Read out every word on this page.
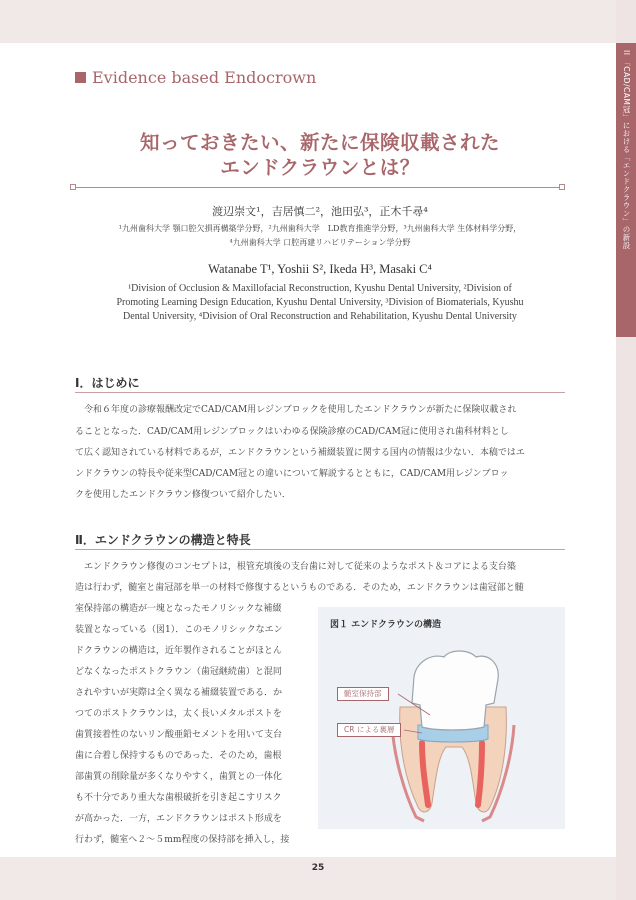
II 「CAD/CAM冠」における「エンドクラウン」の新設
Evidence based Endocrown
知っておきたい、新たに保険収載された
エンドクラウンとは？
渡辺崇文¹，吉居慎二²，池田弘³，正木千尋⁴
¹九州歯科大学 顎口腔欠損再構築学分野，²九州歯科大学　LD教育推進学分野，³九州歯科大学 生体材料学分野，
⁴九州歯科大学 口腔再建リハビリテーション学分野
Watanabe T¹, Yoshii S², Ikeda H³, Masaki C⁴
¹Division of Occlusion & Maxillofacial Reconstruction, Kyushu Dental University, ²Division of
Promoting Learning Design Education, Kyushu Dental University, ³Division of Biomaterials, Kyushu
Dental University, ⁴Division of Oral Reconstruction and Rehabilitation, Kyushu Dental University
Ⅰ．はじめに
　令和６年度の診療報酬改定でCAD/CAM用レジンブロックを使用したエンドクラウンが新たに保険収載され
ることとなった．CAD/CAM用レジンブロックはいわゆる保険診療のCAD/CAM冠に使用され歯科材料とし
て広く認知されている材料であるが，エンドクラウンという補綴装置に関する国内の情報は少ない．本稿ではエ
ンドクラウンの特長や従来型CAD/CAM冠との違いについて解説するとともに，CAD/CAM用レジンブロッ
クを使用したエンドクラウン修復ついて紹介したい．
Ⅱ．エンドクラウンの構造と特長
　エンドクラウン修復のコンセプトは，根管充填後の支台歯に対して従来のようなポスト＆コアによる支台築
造は行わず，髄室と歯冠部を単一の材料で修復するというものである．そのため，エンドクラウンは歯冠部と髄
室保持部の構造が一塊となったモノリシックな補綴
装置となっている（図1）．このモノリシックなエン
ドクラウンの構造は，近年製作されることがほとん
どなくなったポストクラウン（歯冠継続歯）と混同
されやすいが実際は全く異なる補綴装置である．か
つてのポストクラウンは，太く長いメタルポストを
歯質接着性のないリン酸亜鉛セメントを用いて支台
歯に合着し保持するものであった．そのため，歯根
部歯質の削除量が多くなりやすく，歯質との一体化
も不十分であり重大な歯根破折を引き起こすリスク
が高かった．一方，エンドクラウンはポスト形成を
行わず，髄室へ２～５mm程度の保持部を挿入し，接
図１ エンドクラウンの構造
髄室保持部
CR による裏層
25
